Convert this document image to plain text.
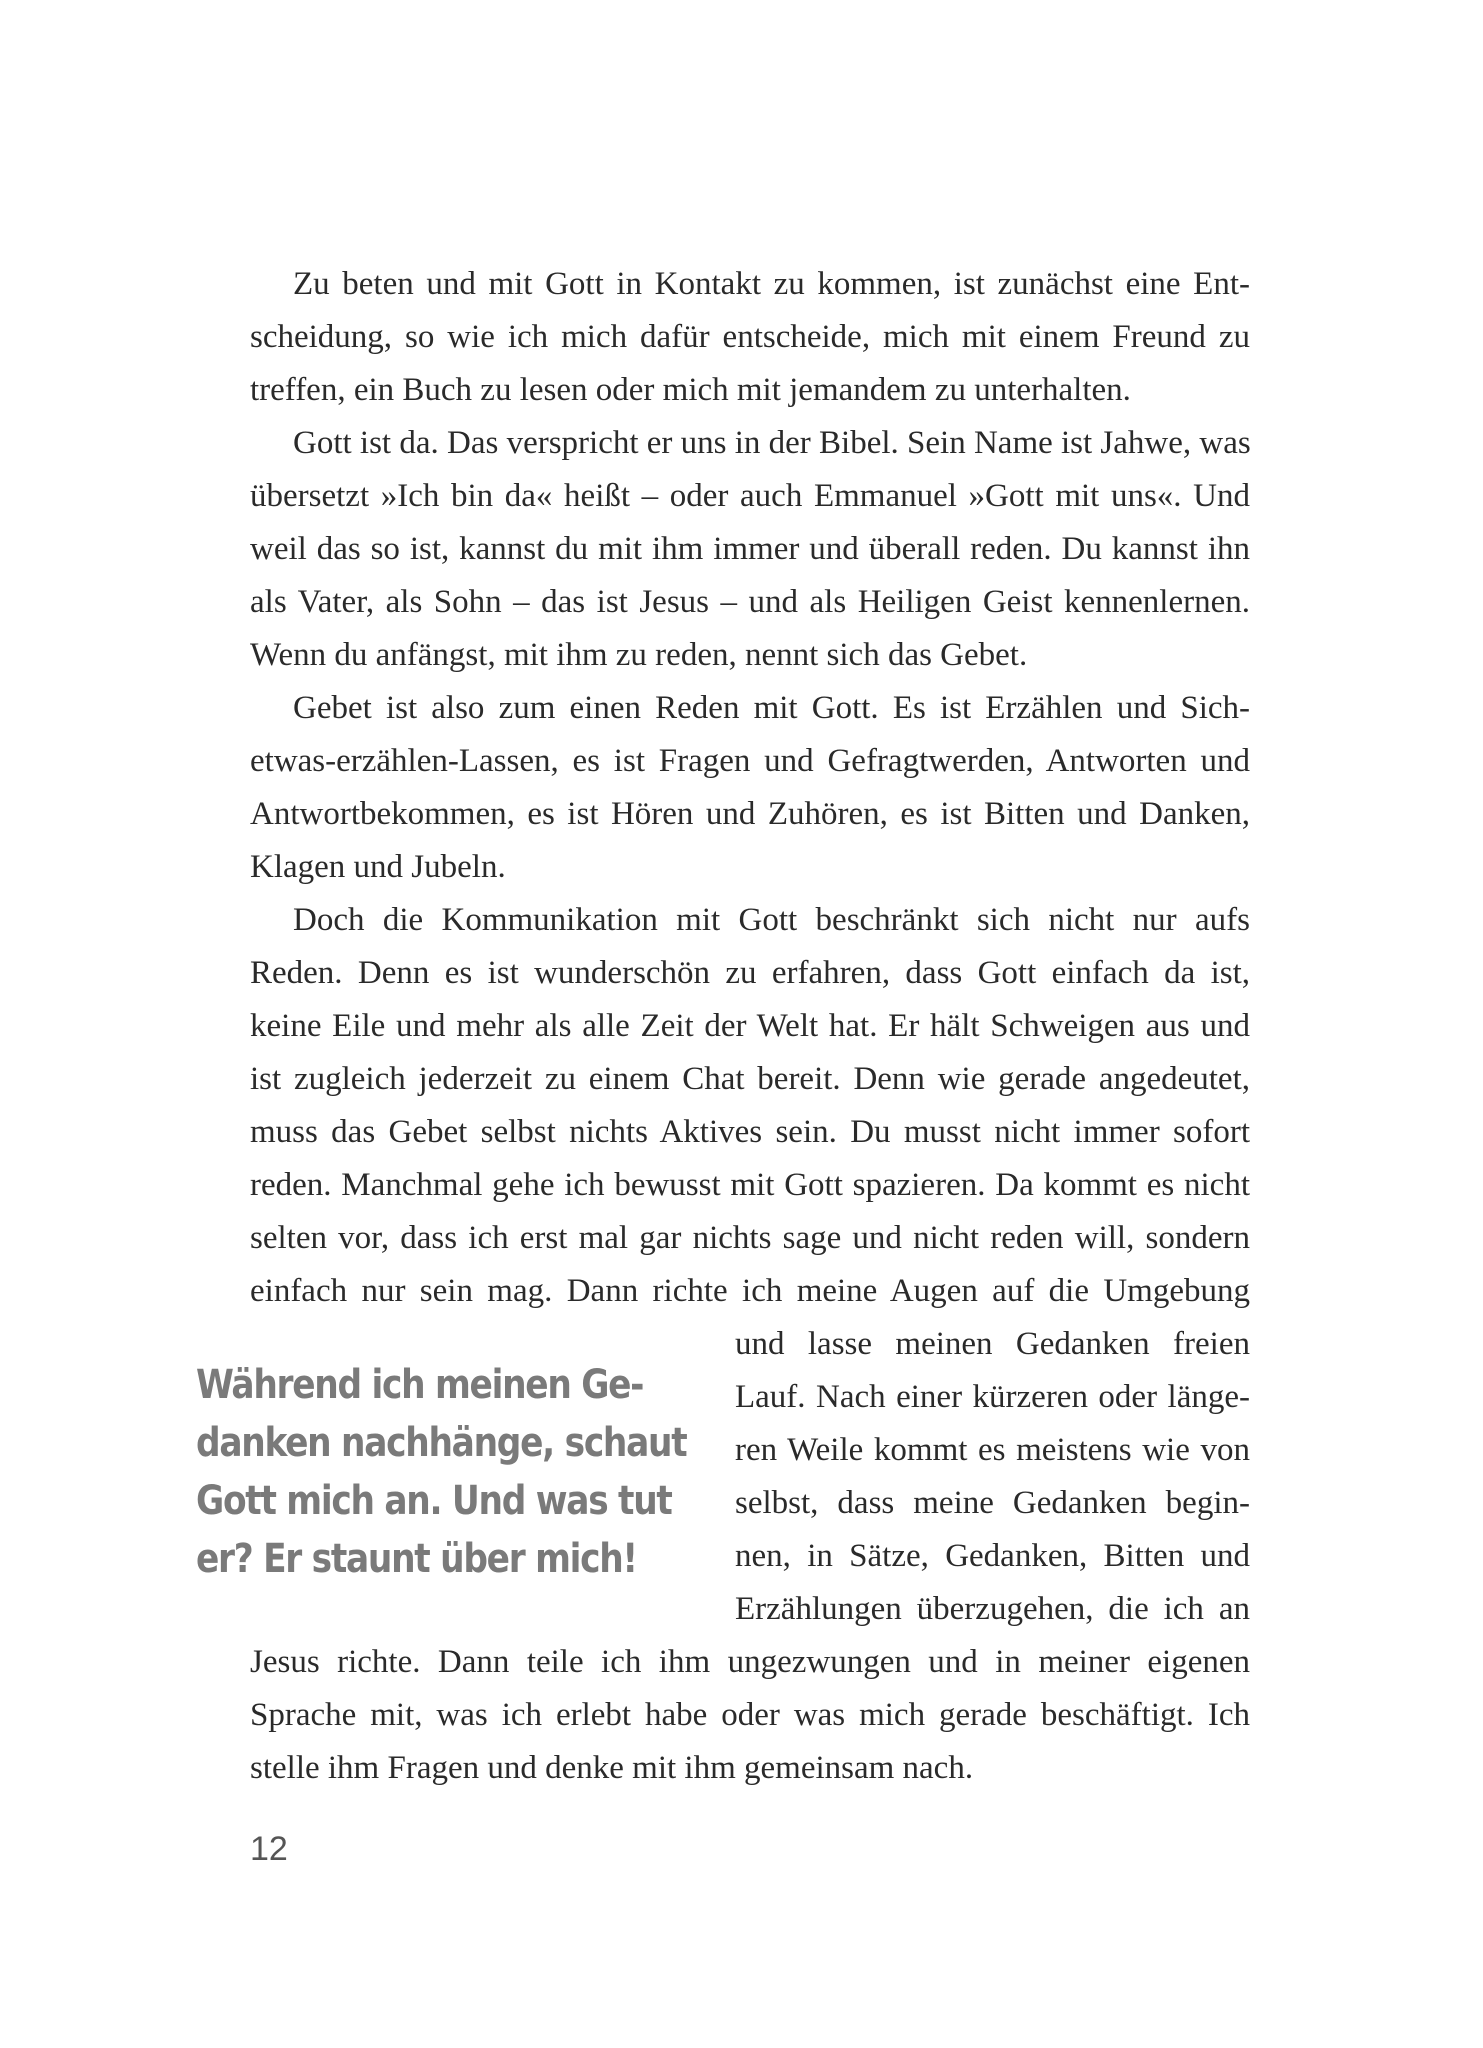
Zu beten und mit Gott in Kontakt zu kommen, ist zunächst eine Ent-

scheidung, so wie ich mich dafür entscheide, mich mit einem Freund zu

treffen, ein Buch zu lesen oder mich mit jemandem zu unterhalten.

Gott ist da. Das verspricht er uns in der Bibel. Sein Name ist Jahwe, was

übersetzt »Ich bin da« heißt – oder auch Emmanuel »Gott mit uns«. Und

weil das so ist, kannst du mit ihm immer und überall reden. Du kannst ihn

als Vater, als Sohn – das ist Jesus – und als Heiligen Geist kennenlernen.

Wenn du anfängst, mit ihm zu reden, nennt sich das Gebet.

Gebet ist also zum einen Reden mit Gott. Es ist Erzählen und Sich-

etwas-erzählen-Lassen, es ist Fragen und Gefragtwerden, Antworten und

Antwortbekommen, es ist Hören und Zuhören, es ist Bitten und Danken,

Klagen und Jubeln.

Doch die Kommunikation mit Gott beschränkt sich nicht nur aufs

Reden. Denn es ist wunderschön zu erfahren, dass Gott einfach da ist,

keine Eile und mehr als alle Zeit der Welt hat. Er hält Schweigen aus und

ist zugleich jederzeit zu einem Chat bereit. Denn wie gerade angedeutet,

muss das Gebet selbst nichts Aktives sein. Du musst nicht immer sofort

reden. Manchmal gehe ich bewusst mit Gott spazieren. Da kommt es nicht

selten vor, dass ich erst mal gar nichts sage und nicht reden will, sondern

einfach nur sein mag. Dann richte ich meine Augen auf die Umgebung

und lasse meinen Gedanken freien

Lauf. Nach einer kürzeren oder länge-

ren Weile kommt es meistens wie von

selbst, dass meine Gedanken begin-

nen, in Sätze, Gedanken, Bitten und

Erzählungen überzugehen, die ich an

Jesus richte. Dann teile ich ihm ungezwungen und in meiner eigenen

Sprache mit, was ich erlebt habe oder was mich gerade beschäftigt. Ich

stelle ihm Fragen und denke mit ihm gemeinsam nach.

Während ich meinen Ge-
danken nachhänge, schaut
Gott mich an. Und was tut
er? Er staunt über mich!

12
